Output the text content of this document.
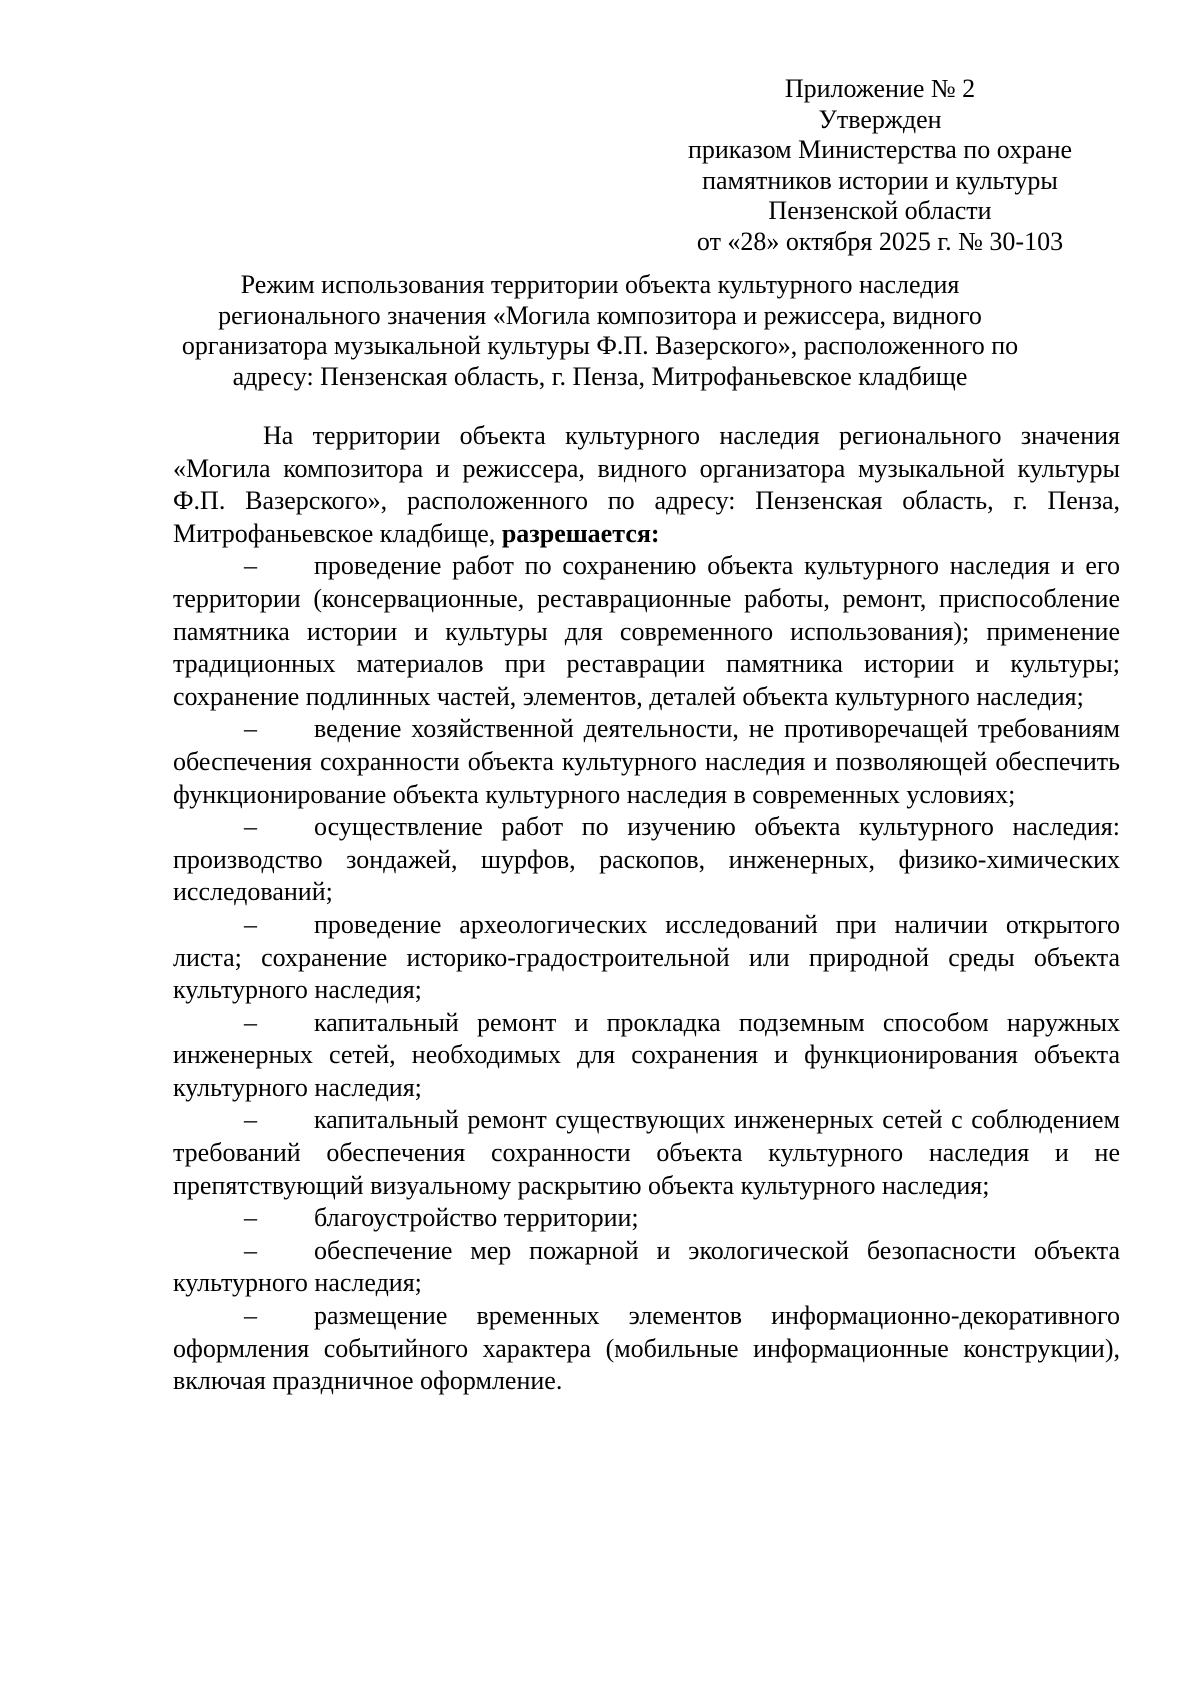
Приложение № 2
Утвержден
приказом Министерства по охране
памятников истории и культуры
Пензенской области
от «28» октября 2025 г. № 30-103
Режим использования территории объекта культурного наследия
регионального значения «Могила композитора и режиссера, видного
организатора музыкальной культуры Ф.П. Вазерского», расположенного по
адресу: Пензенская область, г. Пенза, Митрофаньевское кладбище

На территории объекта культурного наследия регионального значения «Могила композитора и режиссера, видного организатора музыкальной культуры Ф.П. Вазерского», расположенного по адресу: Пензенская область, г. Пенза, Митрофаньевское кладбище, разрешается:

– проведение работ по сохранению объекта культурного наследия и его территории (консервационные, реставрационные работы, ремонт, приспособление памятника истории и культуры для современного использования); применение традиционных материалов при реставрации памятника истории и культуры; сохранение подлинных частей, элементов, деталей объекта культурного наследия;

– ведение хозяйственной деятельности, не противоречащей требованиям обеспечения сохранности объекта культурного наследия и позволяющей обеспечить функционирование объекта культурного наследия в современных условиях;

– осуществление работ по изучению объекта культурного наследия: производство зондажей, шурфов, раскопов, инженерных, физико-химических исследований;

– проведение археологических исследований при наличии открытого листа; сохранение историко-градостроительной или природной среды объекта культурного наследия;

– капитальный ремонт и прокладка подземным способом наружных инженерных сетей, необходимых для сохранения и функционирования объекта культурного наследия;

– капитальный ремонт существующих инженерных сетей с соблюдением требований обеспечения сохранности объекта культурного наследия и не препятствующий визуальному раскрытию объекта культурного наследия;

– благоустройство территории;

– обеспечение мер пожарной и экологической безопасности объекта культурного наследия;

– размещение временных элементов информационно-декоративного оформления событийного характера (мобильные информационные конструкции), включая праздничное оформление.
